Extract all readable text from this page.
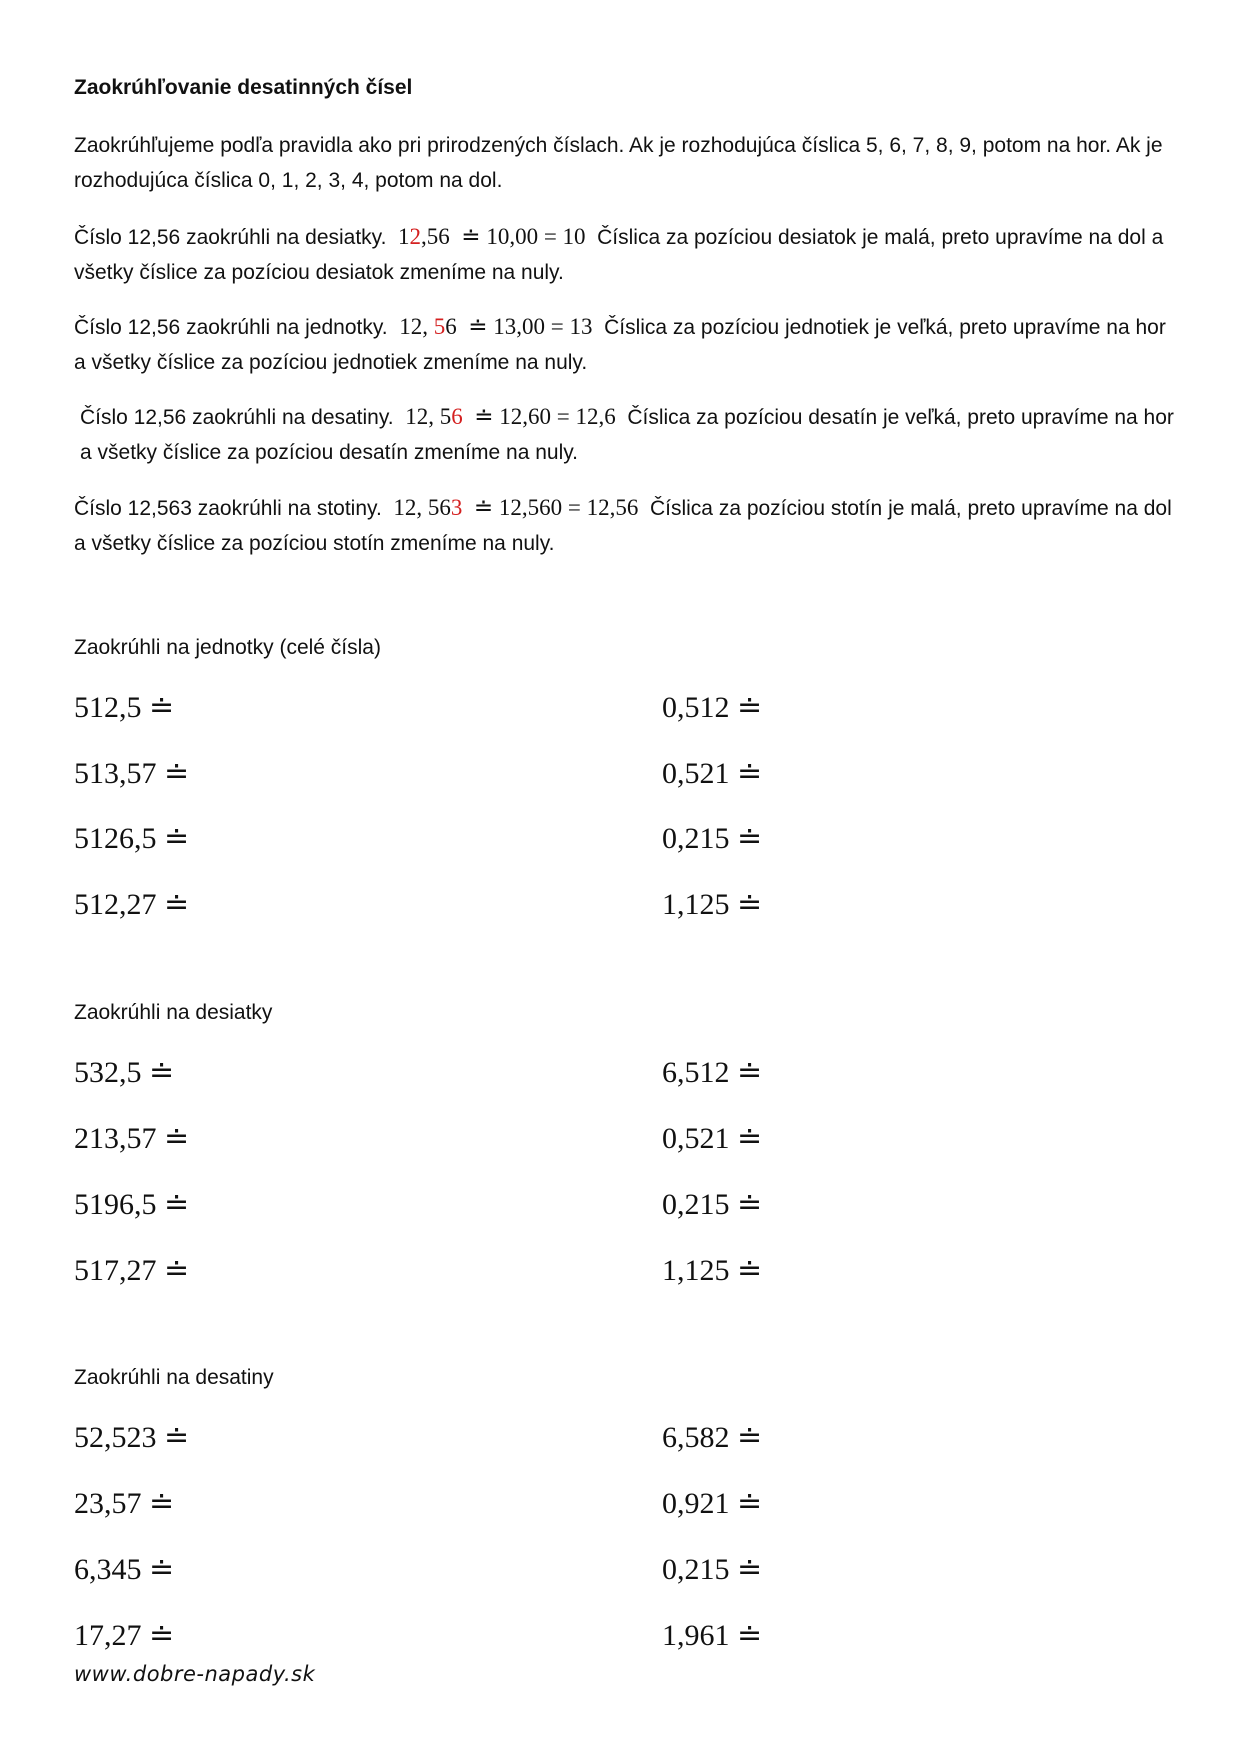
Zaokrúhľovanie desatinných čísel
Zaokrúhľujeme podľa pravidla ako pri prirodzených číslach. Ak je rozhodujúca číslica 5, 6, 7, 8, 9, potom na hor. Ak je rozhodujúca číslica 0, 1, 2, 3, 4, potom na dol.
Číslo 12,56 zaokrúhli na desiatky. 12,56 ≐ 10,00 = 10 Číslica za pozíciou desiatok je malá, preto upravíme na dol a všetky číslice za pozíciou desiatok zmeníme na nuly.
Číslo 12,56 zaokrúhli na jednotky. 12, 56 ≐ 13,00 = 13 Číslica za pozíciou jednotiek je veľká, preto upravíme na hor a všetky číslice za pozíciou jednotiek zmeníme na nuly.
Číslo 12,56 zaokrúhli na desatiny. 12, 56 ≐ 12,60 = 12,6 Číslica za pozíciou desatín je veľká, preto upravíme na hor a všetky číslice za pozíciou desatín zmeníme na nuly.
Číslo 12,563 zaokrúhli na stotiny. 12, 563 ≐ 12,560 = 12,56 Číslica za pozíciou stotín je malá, preto upravíme na dol a všetky číslice za pozíciou stotín zmeníme na nuly.
Zaokrúhli na jednotky (celé čísla)
512,5 ≐
513,57 ≐
5126,5 ≐
512,27 ≐
0,512 ≐
0,521 ≐
0,215 ≐
1,125 ≐
Zaokrúhli na desiatky
532,5 ≐
213,57 ≐
5196,5 ≐
517,27 ≐
6,512 ≐
0,521 ≐
0,215 ≐
1,125 ≐
Zaokrúhli na desatiny
52,523 ≐
23,57 ≐
6,345 ≐
17,27 ≐
6,582 ≐
0,921 ≐
0,215 ≐
1,961 ≐
www.dobre-napady.sk
